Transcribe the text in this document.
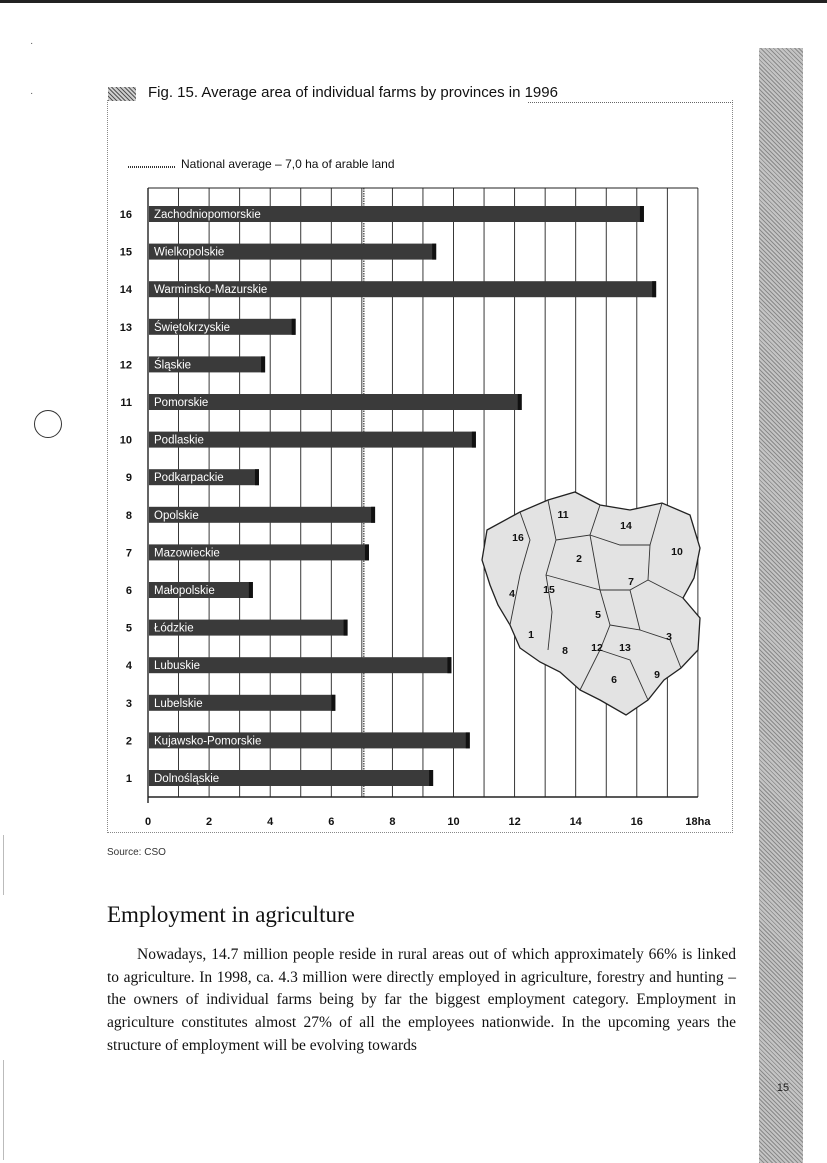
15
·
·	Fig. 15. Average area of individual farms by provinces in 1996
National average – 7,0 ha of arable land
11
14
16
2
10
4	15
7
5
3
1
8 12 13
6	9
Zachodniopomorskie
16
Wielkopolskie
15
Warminsko-Mazurskie
14
Świętokrzyskie
13
Śląskie
12
Pomorskie
11
Podlaskie
10
Podkarpackie
9
Opolskie
8
Mazowieckie
7
Małopolskie
6
Łódzkie
5
Lubuskie
4
Lubelskie
3
Kujawsko-Pomorskie
2
Dolnośląskie
1
0	2	4	6	8	10	12	14	16	18ha
Source: CSO
Employment in agriculture

Nowadays, 14.7 million people reside in rural areas out of which approximately 66% is linked to agriculture. In 1998, ca. 4.3 million were directly employed in agriculture, forestry and hunting – the owners of individual farms being by far the biggest employment category. Employment in agriculture constitutes almost 27% of all the employees nationwide. In the upcoming years the structure of employment will be evolving towards
